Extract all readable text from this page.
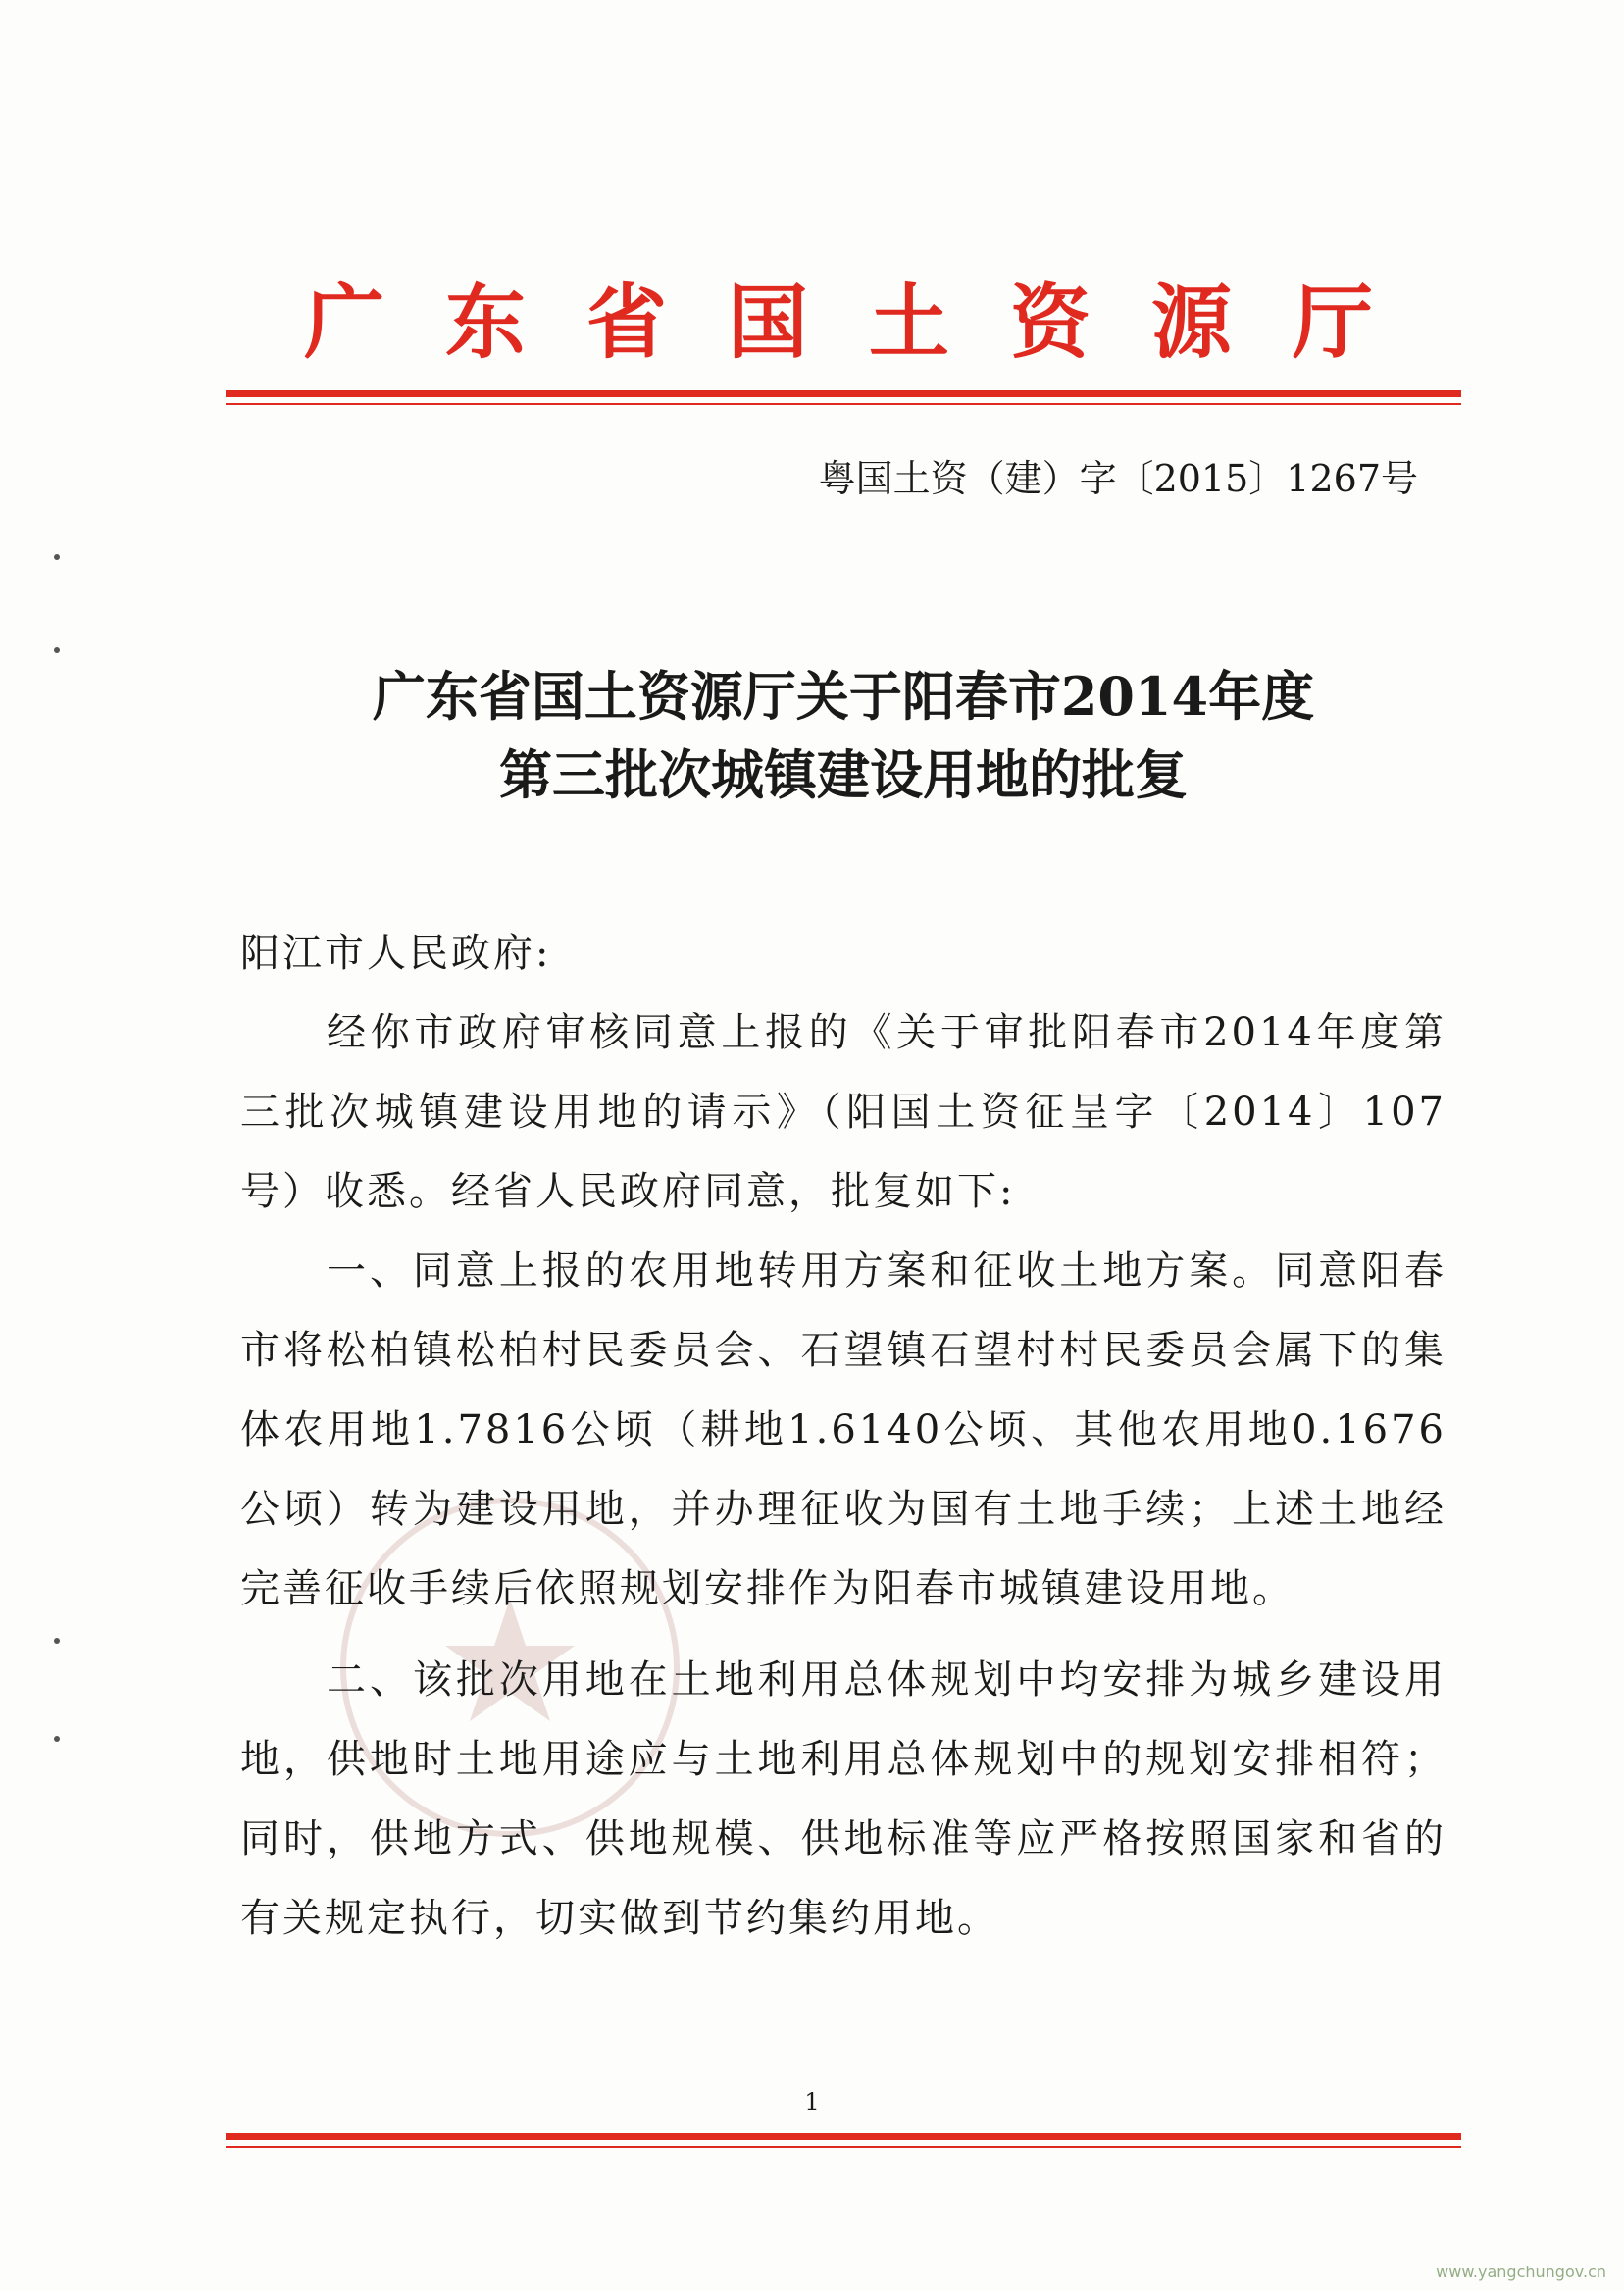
广东省国土资源厅
粤国土资（建）字〔2015〕1267号
广东省国土资源厅关于阳春市2014年度
第三批次城镇建设用地的批复

阳江市人民政府:

经你市政府审核同意上报的《关于审批阳春市2014年度第三批次城镇建设用地的请示》（阳国土资征呈字〔2014〕107号）收悉。经省人民政府同意，批复如下:

一、同意上报的农用地转用方案和征收土地方案。同意阳春市将松柏镇松柏村民委员会、石望镇石望村村民委员会属下的集体农用地1.7816公顷（耕地1.6140公顷、其他农用地0.1676公顷）转为建设用地，并办理征收为国有土地手续；上述土地经完善征收手续后依照规划安排作为阳春市城镇建设用地。

二、该批次用地在土地利用总体规划中均安排为城乡建设用地，供地时土地用途应与土地利用总体规划中的规划安排相符；同时，供地方式、供地规模、供地标准等应严格按照国家和省的有关规定执行，切实做到节约集约用地。

1
www.yangchungov.cn
